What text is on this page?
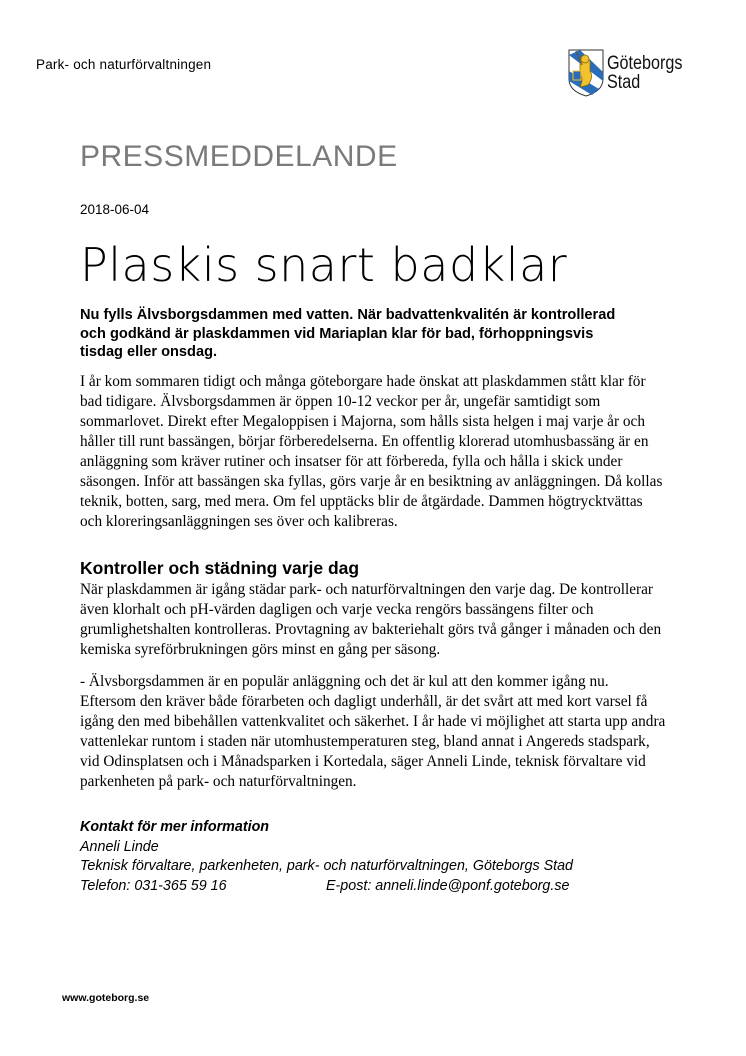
Park- och naturförvaltningen	Göteborgs
Stad
PRESSMEDDELANDE
2018-06-04
Plaskis snart badklar
Nu fylls Älvsborgsdammen med vatten. När badvattenkvalitén är kontrollerad
och godkänd är plaskdammen vid Mariaplan klar för bad, förhoppningsvis
tisdag eller onsdag.
I år kom sommaren tidigt och många göteborgare hade önskat att plaskdammen stått klar för
bad tidigare. Älvsborgsdammen är öppen 10-12 veckor per år, ungefär samtidigt som
sommarlovet. Direkt efter Megaloppisen i Majorna, som hålls sista helgen i maj varje år och
håller till runt bassängen, börjar förberedelserna. En offentlig klorerad utomhusbassäng är en
anläggning som kräver rutiner och insatser för att förbereda, fylla och hålla i skick under
säsongen. Inför att bassängen ska fyllas, görs varje år en besiktning av anläggningen. Då kollas
teknik, botten, sarg, med mera. Om fel upptäcks blir de åtgärdade. Dammen högtrycktvättas
och kloreringsanläggningen ses över och kalibreras.
Kontroller och städning varje dag
När plaskdammen är igång städar park- och naturförvaltningen den varje dag. De kontrollerar
även klorhalt och pH-värden dagligen och varje vecka rengörs bassängens filter och
grumlighetshalten kontrolleras. Provtagning av bakteriehalt görs två gånger i månaden och den
kemiska syreförbrukningen görs minst en gång per säsong.
- Älvsborgsdammen är en populär anläggning och det är kul att den kommer igång nu.
Eftersom den kräver både förarbeten och dagligt underhåll, är det svårt att med kort varsel få
igång den med bibehållen vattenkvalitet och säkerhet. I år hade vi möjlighet att starta upp andra
vattenlekar runtom i staden när utomhustemperaturen steg, bland annat i Angereds stadspark,
vid Odinsplatsen och i Månadsparken i Kortedala, säger Anneli Linde, teknisk förvaltare vid
parkenheten på park- och naturförvaltningen.
Kontakt för mer information
Anneli Linde
Teknisk förvaltare, parkenheten, park- och naturförvaltningen, Göteborgs Stad
Telefon: 031-365 59 16	E-post: anneli.linde@ponf.goteborg.se
www.goteborg.se
